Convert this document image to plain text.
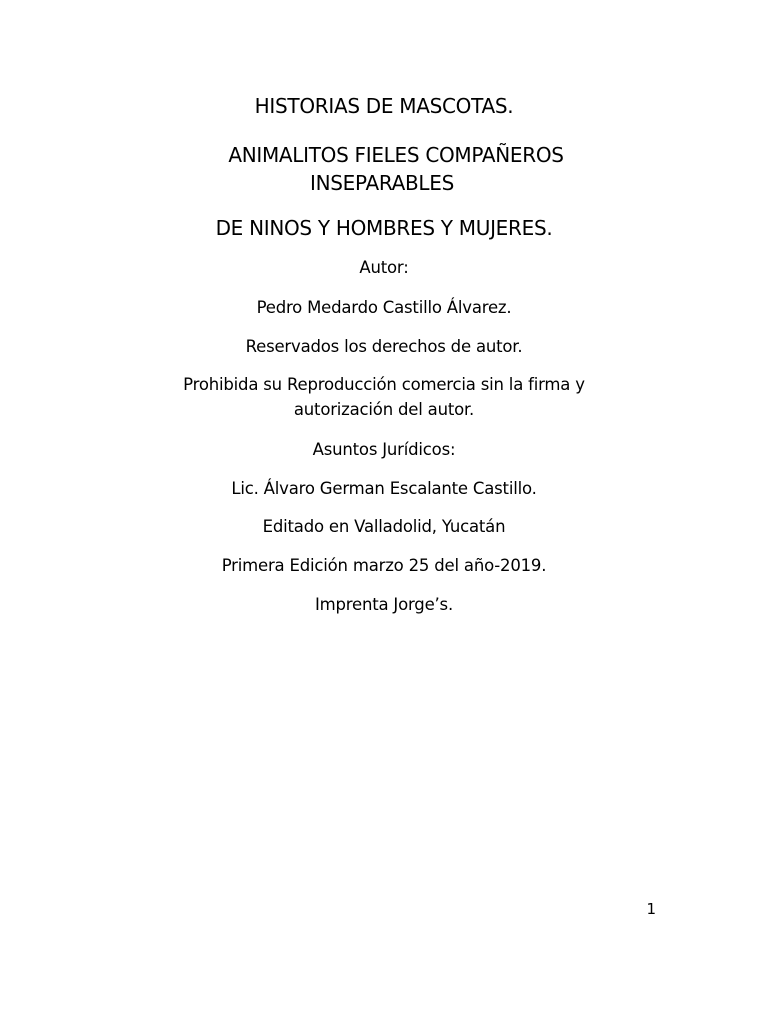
HISTORIAS DE MASCOTAS.

ANIMALITOS FIELES COMPAÑEROS

INSEPARABLES

DE NINOS Y HOMBRES Y MUJERES.

Autor:

Pedro Medardo Castillo Álvarez.

Reservados los derechos de autor.

Prohibida su Reproducción comercia sin la firma y

autorización del autor.

Asuntos Jurídicos:

Lic. Álvaro German Escalante Castillo.

Editado en Valladolid, Yucatán

Primera Edición marzo 25 del año-2019.

Imprenta Jorge’s.

1
